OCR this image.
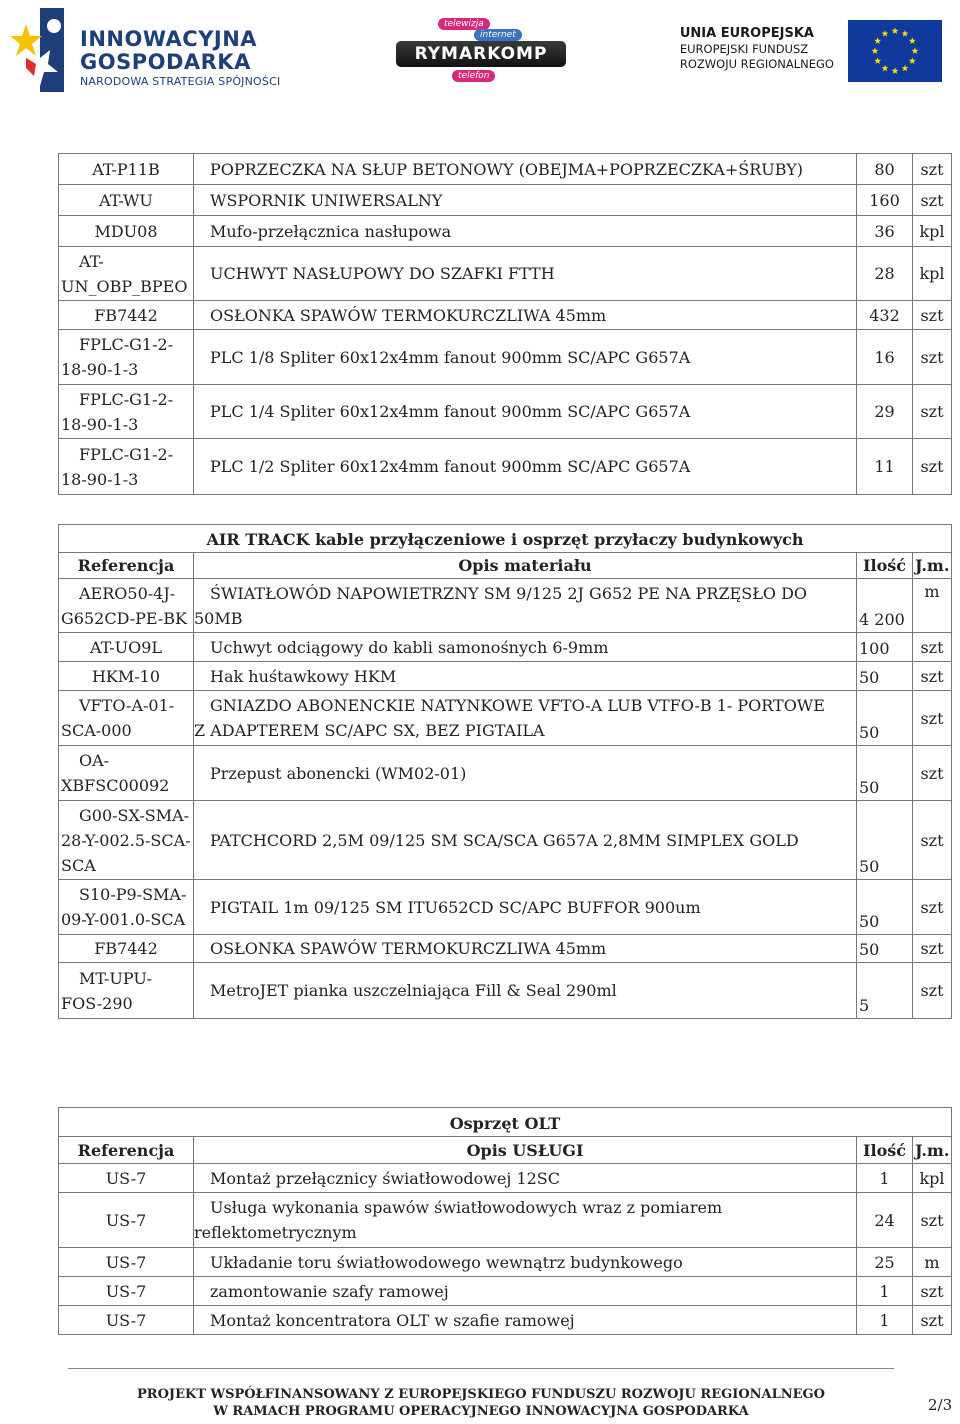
INNOWACYJNA
GOSPODARKA
NARODOWA STRATEGIA SPÓJNOŚCI
telewizja
internet
RYMARKOMP
telefon
UNIA EUROPEJSKA
EUROPEJSKI FUNDUSZ
ROZWOJU REGIONALNEGO
AT-P11B	POPRZECZKA NA SŁUP BETONOWY (OBEJMA+POPRZECZKA+ŚRUBY)	80	szt
AT-WU	WSPORNIK UNIWERSALNY	160	szt
MDU08	Mufo-przełącznica nasłupowa	36	kpl

AT-
UN_OBP_BPEO	UCHWYT NASŁUPOWY DO SZAFKI FTTH	28	kpl
FB7442	OSŁONKA SPAWÓW TERMOKURCZLIWA 45mm	432	szt

FPLC-G1-2-
18-90-1-3	PLC 1/8 Spliter 60x12x4mm fanout 900mm SC/APC G657A	16	szt

FPLC-G1-2-
18-90-1-3	PLC 1/4 Spliter 60x12x4mm fanout 900mm SC/APC G657A	29	szt

FPLC-G1-2-
18-90-1-3	PLC 1/2 Spliter 60x12x4mm fanout 900mm SC/APC G657A	11	szt
AIR TRACK kable przyłączeniowe i osprzęt przyłaczy budynkowych			
Referencja	Opis materiału	Ilość	J.m.

AERO50-4J-
G652CD-PE-BK	ŚWIATŁOWÓD NAPOWIETRZNY SM 9/125 2J G652 PE NA PRZĘSŁO DO
50MB	4 200	m
AT-UO9L	Uchwyt odciągowy do kabli samonośnych 6-9mm	100	szt
HKM-10	Hak huśtawkowy HKM	50	szt

VFTO-A-01-
SCA-000	GNIAZDO ABONENCKIE NATYNKOWE VFTO-A LUB VTFO-B 1- PORTOWE
Z ADAPTEREM SC/APC SX, BEZ PIGTAILA	50	szt

OA-
XBFSC00092	Przepust abonencki (WM02-01)	50	szt

G00-SX-SMA-
28-Y-002.5-SCA-
SCA	PATCHCORD 2,5M 09/125 SM SCA/SCA G657A 2,8MM SIMPLEX GOLD	50	szt

S10-P9-SMA-
09-Y-001.0-SCA	PIGTAIL 1m 09/125 SM ITU652CD SC/APC BUFFOR 900um	50	szt
FB7442	OSŁONKA SPAWÓW TERMOKURCZLIWA 45mm	50	szt

MT-UPU-
FOS-290	MetroJET pianka uszczelniająca Fill & Seal 290ml	5	szt
Osprzęt OLT			
Referencja	Opis USŁUGI	Ilość	J.m.
US-7	Montaż przełącznicy światłowodowej 12SC	1	kpl
US-7	Usługa wykonania spawów światłowodowych wraz z pomiarem
reflektometrycznym	24	szt
US-7	Układanie toru światłowodowego wewnątrz budynkowego	25	m
US-7	zamontowanie szafy ramowej	1	szt
US-7	Montaż koncentratora OLT w szafie ramowej	1	szt
PROJEKT WSPÓŁFINANSOWANY Z EUROPEJSKIEGO FUNDUSZU ROZWOJU REGIONALNEGO
W RAMACH PROGRAMU OPERACYJNEGO INNOWACYJNA GOSPODARKA	2/3
